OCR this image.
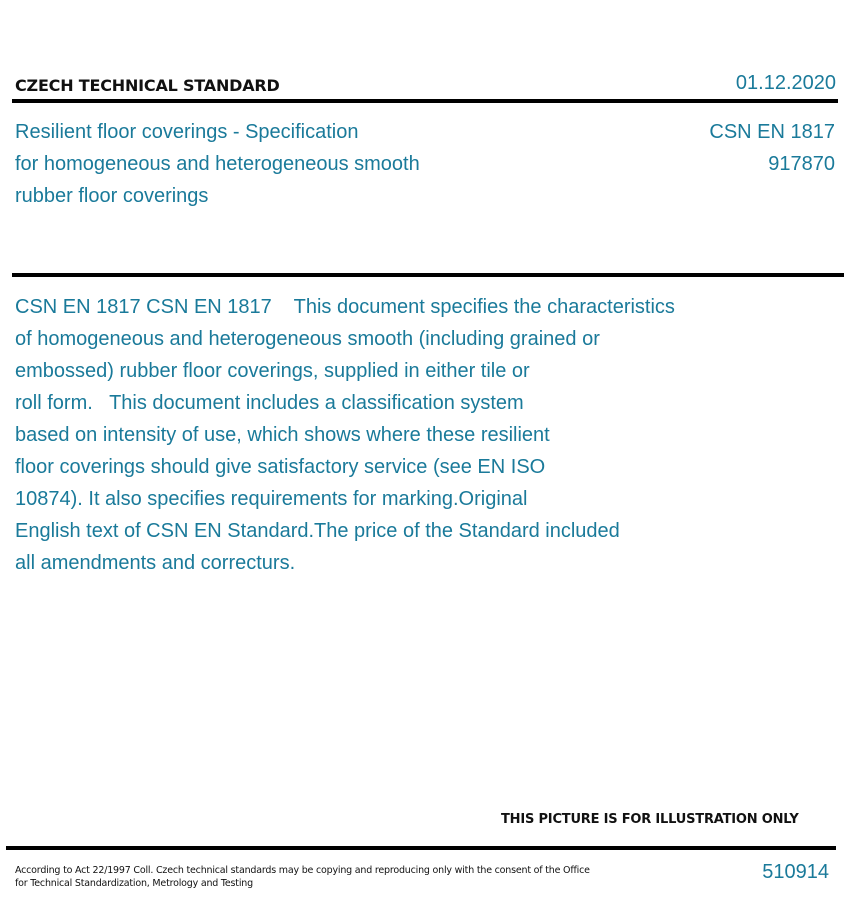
CZECH TECHNICAL STANDARD	01.12.2020
Resilient floor coverings - Specification
for homogeneous and heterogeneous smooth
rubber floor coverings
CSN EN 1817
917870
CSN EN 1817 CSN EN 1817    This document specifies the characteristics
of homogeneous and heterogeneous smooth (including grained or
embossed) rubber floor coverings, supplied in either tile or
roll form.   This document includes a classification system
based on intensity of use, which shows where these resilient
floor coverings should give satisfactory service (see EN ISO
10874). It also specifies requirements for marking.Original
English text of CSN EN Standard.The price of the Standard included
all amendments and correcturs.
THIS PICTURE IS FOR ILLUSTRATION ONLY
According to Act 22/1997 Coll. Czech technical standards may be copying and reproducing only with the consent of the Office
for Technical Standardization, Metrology and Testing	510914
